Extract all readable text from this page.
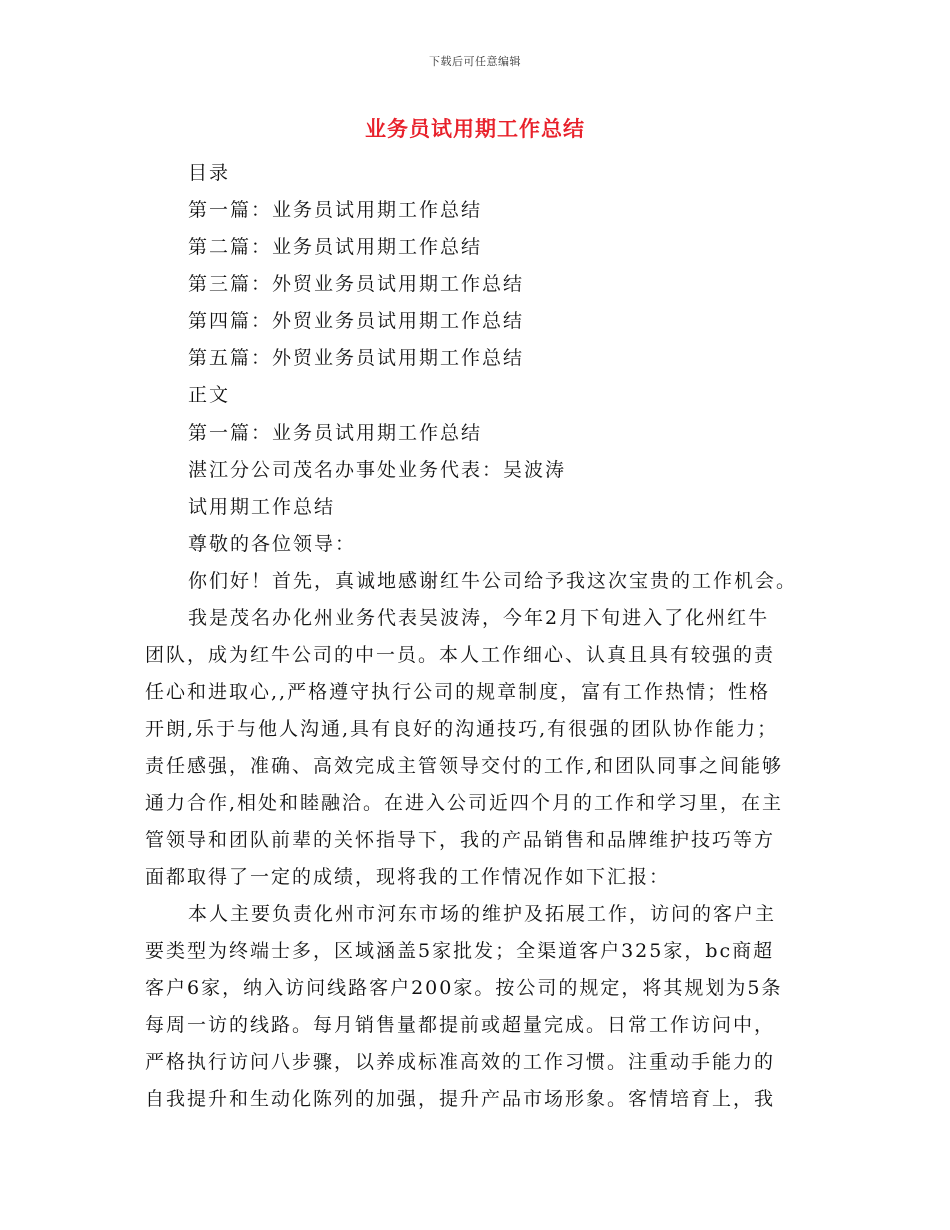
下载后可任意编辑
业务员试用期工作总结
目录
第一篇：业务员试用期工作总结
第二篇：业务员试用期工作总结
第三篇：外贸业务员试用期工作总结
第四篇：外贸业务员试用期工作总结
第五篇：外贸业务员试用期工作总结
正文
第一篇：业务员试用期工作总结
湛江分公司茂名办事处业务代表：吴波涛
试用期工作总结
尊敬的各位领导：
你们好！首先，真诚地感谢红牛公司给予我这次宝贵的工作机会。
我是茂名办化州业务代表吴波涛，今年2月下旬进入了化州红牛
团队，成为红牛公司的中一员。本人工作细心、认真且具有较强的责
任心和进取心,,严格遵守执行公司的规章制度，富有工作热情；性格
开朗,乐于与他人沟通,具有良好的沟通技巧,有很强的团队协作能力；
责任感强，准确、高效完成主管领导交付的工作,和团队同事之间能够
通力合作,相处和睦融洽。在进入公司近四个月的工作和学习里，在主
管领导和团队前辈的关怀指导下，我的产品销售和品牌维护技巧等方
面都取得了一定的成绩，现将我的工作情况作如下汇报：
本人主要负责化州市河东市场的维护及拓展工作，访问的客户主
要类型为终端士多，区域涵盖5家批发；全渠道客户325家，bc商超
客户6家，纳入访问线路客户200家。按公司的规定，将其规划为5条
每周一访的线路。每月销售量都提前或超量完成。日常工作访问中，
严格执行访问八步骤，以养成标准高效的工作习惯。注重动手能力的
自我提升和生动化陈列的加强，提升产品市场形象。客情培育上，我
